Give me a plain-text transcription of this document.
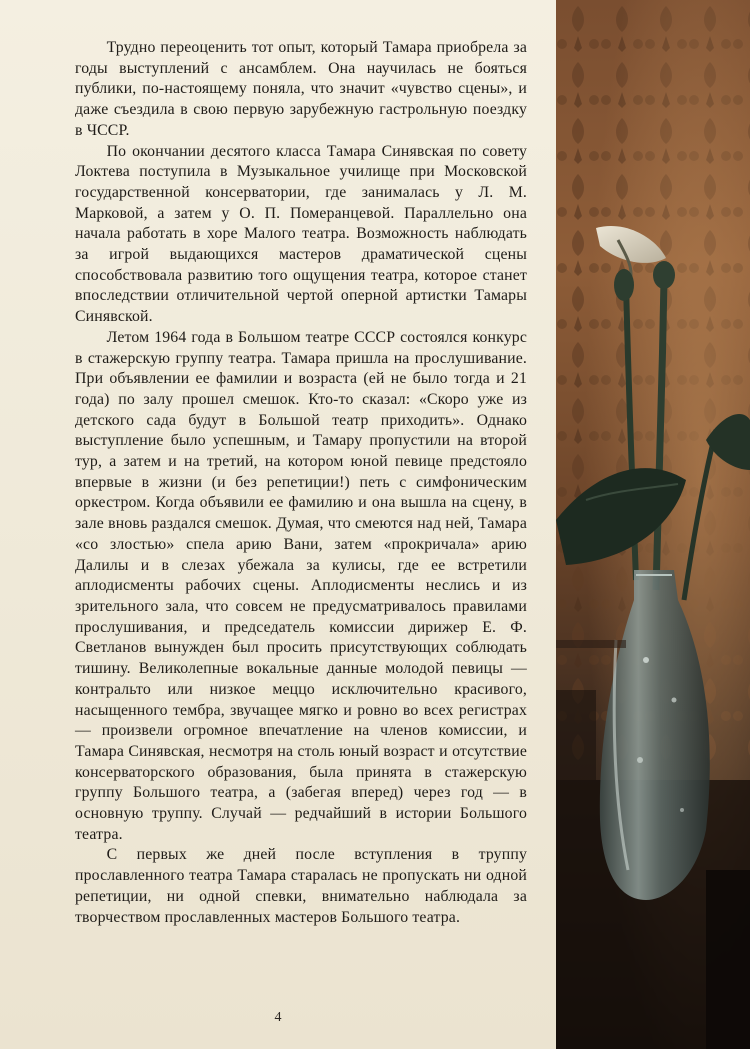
Трудно переоценить тот опыт, который Тамара приобрела за годы выступлений с ансамблем. Она научилась не бояться публики, по-настоящему поняла, что значит «чувство сцены», и даже съездила в свою первую зарубежную гастрольную поездку в ЧССР.

По окончании десятого класса Тамара Синявская по совету Локтева поступила в Музыкальное училище при Московской государственной консерватории, где занималась у Л. М. Марковой, а затем у О. П. Померанцевой. Параллельно она начала работать в хоре Малого театра. Возможность наблюдать за игрой выдающихся мастеров драматической сцены способствовала развитию того ощущения театра, которое станет впоследствии отличительной чертой оперной артистки Тамары Синявской.

Летом 1964 года в Большом театре СССР состоялся конкурс в стажерскую группу театра. Тамара пришла на прослушивание. При объявлении ее фамилии и возраста (ей не было тогда и 21 года) по залу прошел смешок. Кто-то сказал: «Скоро уже из детского сада будут в Большой театр приходить». Однако выступление было успешным, и Тамару пропустили на второй тур, а затем и на третий, на котором юной певице предстояло впервые в жизни (и без репетиции!) петь с симфоническим оркестром. Когда объявили ее фамилию и она вышла на сцену, в зале вновь раздался смешок. Думая, что смеются над ней, Тамара «со злостью» спела арию Вани, затем «прокричала» арию Далилы и в слезах убежала за кулисы, где ее встретили аплодисменты рабочих сцены. Аплодисменты неслись и из зрительного зала, что совсем не предусматривалось правилами прослушивания, и председатель комиссии дирижер Е. Ф. Светланов вынужден был просить присутствующих соблюдать тишину. Великолепные вокальные данные молодой певицы — контральто или низкое меццо исключительно красивого, насыщенного тембра, звучащее мягко и ровно во всех регистрах — произвели огромное впечатление на членов комиссии, и Тамара Синявская, несмотря на столь юный возраст и отсутствие консерваторского образования, была принята в стажерскую группу Большого театра, а (забегая вперед) через год — в основную труппу. Случай — редчайший в истории Большого театра.

С первых же дней после вступления в труппу прославленного театра Тамара старалась не пропускать ни одной репетиции, ни одной спевки, внимательно наблюдала за творчеством прославленных мастеров Большого театра.

4
